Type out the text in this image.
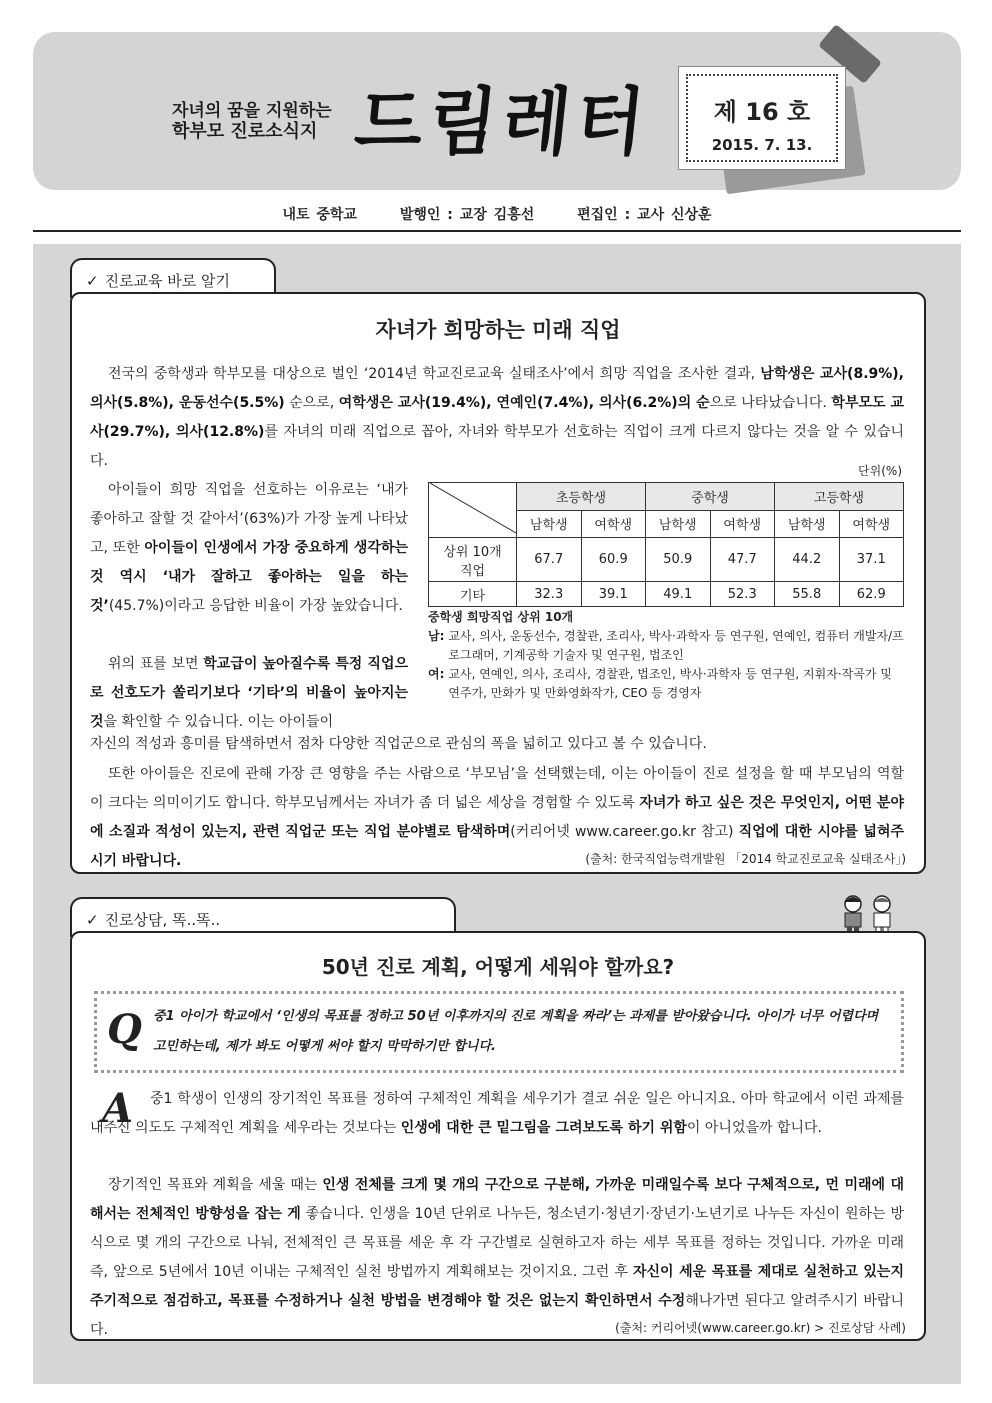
자녀의 꿈을 지원하는
학부모 진로소식지 드림레터	제 16 호
2015. 7. 13.
내토 중학교	발행인 : 교장 김흥선	편집인 : 교사 신상훈
✓ 진로교육 바로 알기
자녀가 희망하는 미래 직업
전국의 중학생과 학부모를 대상으로 벌인 ‘2014년 학교진로교육 실태조사’에서 희망 직업을 조사한 결과, 남학생은 교사(8.9%), 의사(5.8%), 운동선수(5.5%) 순으로, 여학생은 교사(19.4%), 연예인(7.4%), 의사(6.2%)의 순으로 나타났습니다. 학부모도 교사(29.7%), 의사(12.8%)를 자녀의 미래 직업으로 꼽아, 자녀와 학부모가 선호하는 직업이 크게 다르지 않다는 것을 알 수 있습니다.
아이들이 희망 직업을 선호하는 이유로는 ‘내가 좋아하고 잘할 것 같아서’(63%)가 가장 높게 나타났고, 또한 아이들이 인생에서 가장 중요하게 생각하는 것 역시 ‘내가 잘하고 좋아하는 일을 하는 것’(45.7%)이라고 응답한 비율이 가장 높았습니다.
위의 표를 보면 학교급이 높아질수록 특정 직업으로 선호도가 쏠리기보다 ‘기타’의 비율이 높아지는 것을 확인할 수 있습니다. 이는 아이들이
자신의 적성과 흥미를 탐색하면서 점차 다양한 직업군으로 관심의 폭을 넓히고 있다고 볼 수 있습니다.
또한 아이들은 진로에 관해 가장 큰 영향을 주는 사람으로 ‘부모님’을 선택했는데, 이는 아이들이 진로 설정을 할 때 부모님의 역할이 크다는 의미이기도 합니다. 학부모님께서는 자녀가 좀 더 넓은 세상을 경험할 수 있도록 자녀가 하고 싶은 것은 무엇인지, 어떤 분야에 소질과 적성이 있는지, 관련 직업군 또는 직업 분야별로 탐색하며(커리어넷 www.career.go.kr 참고) 직업에 대한 시야를 넓혀주시기 바랍니다.	(출처: 한국직업능력개발원 「2014 학교진로교육 실태조사」)
단위(%)
	초등학생		중학생		고등학생	
	남학생	여학생	남학생	여학생	남학생	여학생
상위 10개 직업	67.7	60.9	50.9	47.7	44.2	37.1
기타	32.3	39.1	49.1	52.3	55.8	62.9
중학생 희망직업 상위 10개
남: 교사, 의사, 운동선수, 경찰관, 조리사, 박사·과학자 등 연구원, 연예인, 컴퓨터 개발자/프로그래머, 기계공학 기술자 및 연구원, 법조인
여: 교사, 연예인, 의사, 조리사, 경찰관, 법조인, 박사·과학자 등 연구원, 지휘자·작곡가 및 연주가, 만화가 및 만화영화작가, CEO 등 경영자
✓ 진로상담, 똑..똑..
50년 진로 계획, 어떻게 세워야 할까요?
Q 중1 아이가 학교에서 ‘인생의 목표를 정하고 50년 이후까지의 진로 계획을 짜라’는 과제를 받아왔습니다. 아이가 너무 어렵다며 고민하는데, 제가 봐도 어떻게 써야 할지 막막하기만 합니다.
A	중1 학생이 인생의 장기적인 목표를 정하여 구체적인 계획을 세우기가 결코 쉬운 일은 아니지요. 아마 학교에서 이런 과제를 내주신 의도도 구체적인 계획을 세우라는 것보다는 인생에 대한 큰 밑그림을 그려보도록 하기 위함이 아니었을까 합니다.
장기적인 목표와 계획을 세울 때는 인생 전체를 크게 몇 개의 구간으로 구분해, 가까운 미래일수록 보다 구체적으로, 먼 미래에 대해서는 전체적인 방향성을 잡는 게 좋습니다. 인생을 10년 단위로 나누든, 청소년기·청년기·장년기·노년기로 나누든 자신이 원하는 방식으로 몇 개의 구간으로 나눠, 전체적인 큰 목표를 세운 후 각 구간별로 실현하고자 하는 세부 목표를 정하는 것입니다. 가까운 미래 즉, 앞으로 5년에서 10년 이내는 구체적인 실천 방법까지 계획해보는 것이지요. 그런 후 자신이 세운 목표를 제대로 실천하고 있는지 주기적으로 점검하고, 목표를 수정하거나 실천 방법을 변경해야 할 것은 없는지 확인하면서 수정해나가면 된다고 알려주시기 바랍니다.	(출처: 커리어넷(www.career.go.kr) > 진로상담 사례)
